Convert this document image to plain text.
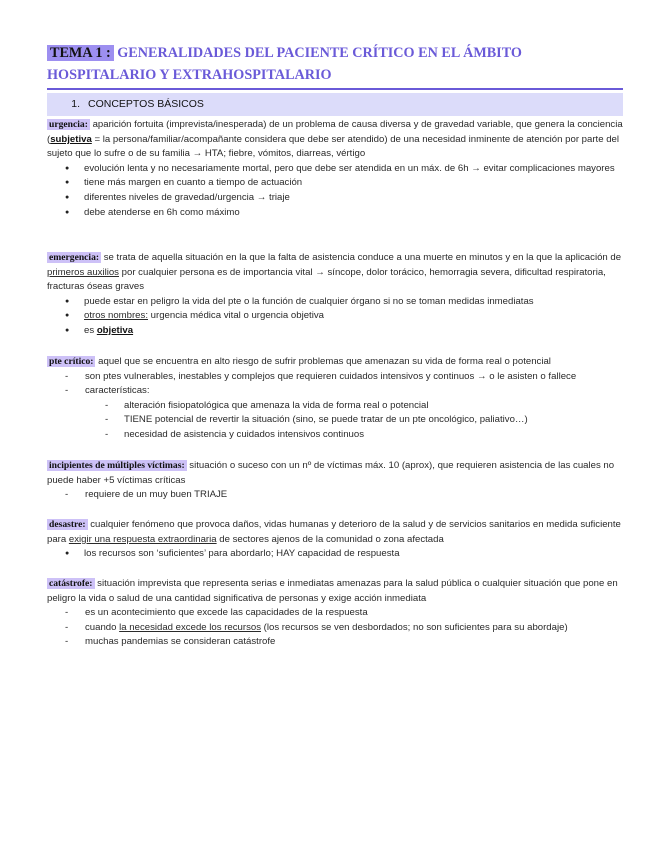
TEMA 1 : GENERALIDADES DEL PACIENTE CRÍTICO EN EL ÁMBITO HOSPITALARIO Y EXTRAHOSPITALARIO
1. CONCEPTOS BÁSICOS

urgencia: aparición fortuita (imprevista/inesperada) de un problema de causa diversa y de gravedad variable, que genera la conciencia (subjetiva = la persona/familiar/acompañante considera que debe ser atendido) de una necesidad inminente de atención por parte del sujeto que lo sufre o de su familia → HTA; fiebre, vómitos, diarreas, vértigo

● evolución lenta y no necesariamente mortal, pero que debe ser atendida en un máx. de 6h → evitar complicaciones mayores
● tiene más margen en cuanto a tiempo de actuación
● diferentes niveles de gravedad/urgencia → triaje
● debe atenderse en 6h como máximo

emergencia: se trata de aquella situación en la que la falta de asistencia conduce a una muerte en minutos y en la que la aplicación de primeros auxilios por cualquier persona es de importancia vital → síncope, dolor torácico, hemorragia severa, dificultad respiratoria, fracturas óseas graves

● puede estar en peligro la vida del pte o la función de cualquier órgano si no se toman medidas inmediatas
● otros nombres: urgencia médica vital o urgencia objetiva
● es objetiva

pte crítico: aquel que se encuentra en alto riesgo de sufrir problemas que amenazan su vida de forma real o potencial

- son ptes vulnerables, inestables y complejos que requieren cuidados intensivos y continuos → o le asisten o fallece
- características:
- alteración fisiopatológica que amenaza la vida de forma real o potencial
- TIENE potencial de revertir la situación (sino, se puede tratar de un pte oncológico, paliativo…)
- necesidad de asistencia y cuidados intensivos continuos

incipientes de múltiples víctimas: situación o suceso con un nº de víctimas máx. 10 (aprox), que requieren asistencia de las cuales no puede haber +5 víctimas críticas

- requiere de un muy buen TRIAJE

desastre: cualquier fenómeno que provoca daños, vidas humanas y deterioro de la salud y de servicios sanitarios en medida suficiente para exigir una respuesta extraordinaria de sectores ajenos de la comunidad o zona afectada

● los recursos son ‘suficientes’ para abordarlo; HAY capacidad de respuesta

catástrofe: situación imprevista que representa serias e inmediatas amenazas para la salud pública o cualquier situación que pone en peligro la vida o salud de una cantidad significativa de personas y exige acción inmediata

- es un acontecimiento que excede las capacidades de la respuesta
- cuando la necesidad excede los recursos (los recursos se ven desbordados; no son suficientes para su abordaje)
- muchas pandemias se consideran catástrofe
